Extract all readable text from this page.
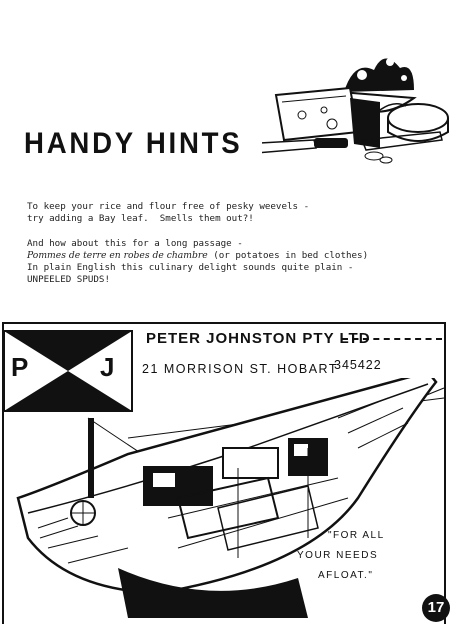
HANDY HINTS
To keep your rice and flour free of pesky weevels -
try adding a Bay leaf.  Smells them out?!
And how about this for a long passage -
Pommes de terre en robes de chambre (or potatoes in bed clothes)
In plain English this culinary delight sounds quite plain -
UNPEELED SPUDS!
P	J
PETER JOHNSTON PTY LTD
21 MORRISON ST. HOBART
345422
"FOR ALL
YOUR NEEDS
AFLOAT."
17
